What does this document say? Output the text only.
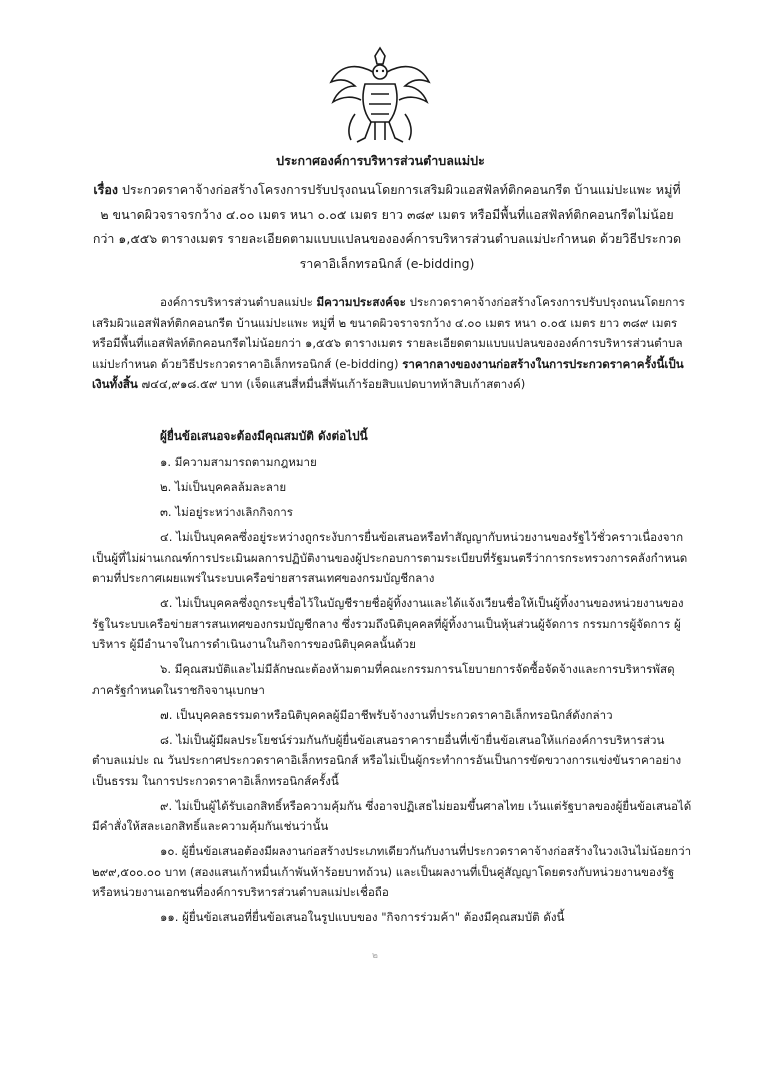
ประกาศองค์การบริหารส่วนตำบลแม่ปะ
เรื่อง ประกวดราคาจ้างก่อสร้างโครงการปรับปรุงถนนโดยการเสริมผิวแอสฟัลท์ติกคอนกรีต บ้านแม่ปะแพะ หมู่ที่ ๒ ขนาดผิวจราจรกว้าง ๔.๐๐ เมตร หนา ๐.๐๕ เมตร ยาว ๓๘๙ เมตร หรือมีพื้นที่แอสฟัลท์ติกคอนกรีตไม่น้อยกว่า ๑,๕๕๖ ตารางเมตร รายละเอียดตามแบบแปลนขององค์การบริหารส่วนตำบลแม่ปะกำหนด ด้วยวิธีประกวดราคาอิเล็กทรอนิกส์ (e-bidding)
องค์การบริหารส่วนตำบลแม่ปะ มีความประสงค์จะ ประกวดราคาจ้างก่อสร้างโครงการปรับปรุงถนนโดยการเสริมผิวแอสฟัลท์ติกคอนกรีต บ้านแม่ปะแพะ หมู่ที่ ๒ ขนาดผิวจราจรกว้าง ๔.๐๐ เมตร หนา ๐.๐๕ เมตร ยาว ๓๘๙ เมตร หรือมีพื้นที่แอสฟัลท์ติกคอนกรีตไม่น้อยกว่า ๑,๕๕๖ ตารางเมตร รายละเอียดตามแบบแปลนขององค์การบริหารส่วนตำบลแม่ปะกำหนด ด้วยวิธีประกวดราคาอิเล็กทรอนิกส์ (e-bidding) ราคากลางของงานก่อสร้างในการประกวดราคาครั้งนี้เป็นเงินทั้งสิ้น ๗๔๔,๙๑๘.๕๙ บาท (เจ็ดแสนสี่หมื่นสี่พันเก้าร้อยสิบแปดบาทห้าสิบเก้าสตางค์)
ผู้ยื่นข้อเสนอจะต้องมีคุณสมบัติ ดังต่อไปนี้
๑. มีความสามารถตามกฎหมาย
๒. ไม่เป็นบุคคลล้มละลาย
๓. ไม่อยู่ระหว่างเลิกกิจการ
๔. ไม่เป็นบุคคลซึ่งอยู่ระหว่างถูกระงับการยื่นข้อเสนอหรือทำสัญญากับหน่วยงานของรัฐไว้ชั่วคราวเนื่องจากเป็นผู้ที่ไม่ผ่านเกณฑ์การประเมินผลการปฏิบัติงานของผู้ประกอบการตามระเบียบที่รัฐมนตรีว่าการกระทรวงการคลังกำหนดตามที่ประกาศเผยแพร่ในระบบเครือข่ายสารสนเทศของกรมบัญชีกลาง
๕. ไม่เป็นบุคคลซึ่งถูกระบุชื่อไว้ในบัญชีรายชื่อผู้ทิ้งงานและได้แจ้งเวียนชื่อให้เป็นผู้ทิ้งงานของหน่วยงานของรัฐในระบบเครือข่ายสารสนเทศของกรมบัญชีกลาง ซึ่งรวมถึงนิติบุคคลที่ผู้ทิ้งงานเป็นหุ้นส่วนผู้จัดการ กรรมการผู้จัดการ ผู้บริหาร ผู้มีอำนาจในการดำเนินงานในกิจการของนิติบุคคลนั้นด้วย
๖. มีคุณสมบัติและไม่มีลักษณะต้องห้ามตามที่คณะกรรมการนโยบายการจัดซื้อจัดจ้างและการบริหารพัสดุภาครัฐกำหนดในราชกิจจานุเบกษา
๗. เป็นบุคคลธรรมดาหรือนิติบุคคลผู้มีอาชีพรับจ้างงานที่ประกวดราคาอิเล็กทรอนิกส์ดังกล่าว
๘. ไม่เป็นผู้มีผลประโยชน์ร่วมกันกับผู้ยื่นข้อเสนอราคารายอื่นที่เข้ายื่นข้อเสนอให้แก่องค์การบริหารส่วนตำบลแม่ปะ ณ วันประกาศประกวดราคาอิเล็กทรอนิกส์ หรือไม่เป็นผู้กระทำการอันเป็นการขัดขวางการแข่งขันราคาอย่างเป็นธรรม ในการประกวดราคาอิเล็กทรอนิกส์ครั้งนี้
๙. ไม่เป็นผู้ได้รับเอกสิทธิ์หรือความคุ้มกัน ซึ่งอาจปฏิเสธไม่ยอมขึ้นศาลไทย เว้นแต่รัฐบาลของผู้ยื่นข้อเสนอได้มีคำสั่งให้สละเอกสิทธิ์และความคุ้มกันเช่นว่านั้น
๑๐. ผู้ยื่นข้อเสนอต้องมีผลงานก่อสร้างประเภทเดียวกันกับงานที่ประกวดราคาจ้างก่อสร้างในวงเงินไม่น้อยกว่า ๒๙๙,๕๐๐.๐๐ บาท (สองแสนเก้าหมื่นเก้าพันห้าร้อยบาทถ้วน) และเป็นผลงานที่เป็นคู่สัญญาโดยตรงกับหน่วยงานของรัฐ หรือหน่วยงานเอกชนที่องค์การบริหารส่วนตำบลแม่ปะเชื่อถือ
๑๑. ผู้ยื่นข้อเสนอที่ยื่นข้อเสนอในรูปแบบของ "กิจการร่วมค้า" ต้องมีคุณสมบัติ ดังนี้
๒
